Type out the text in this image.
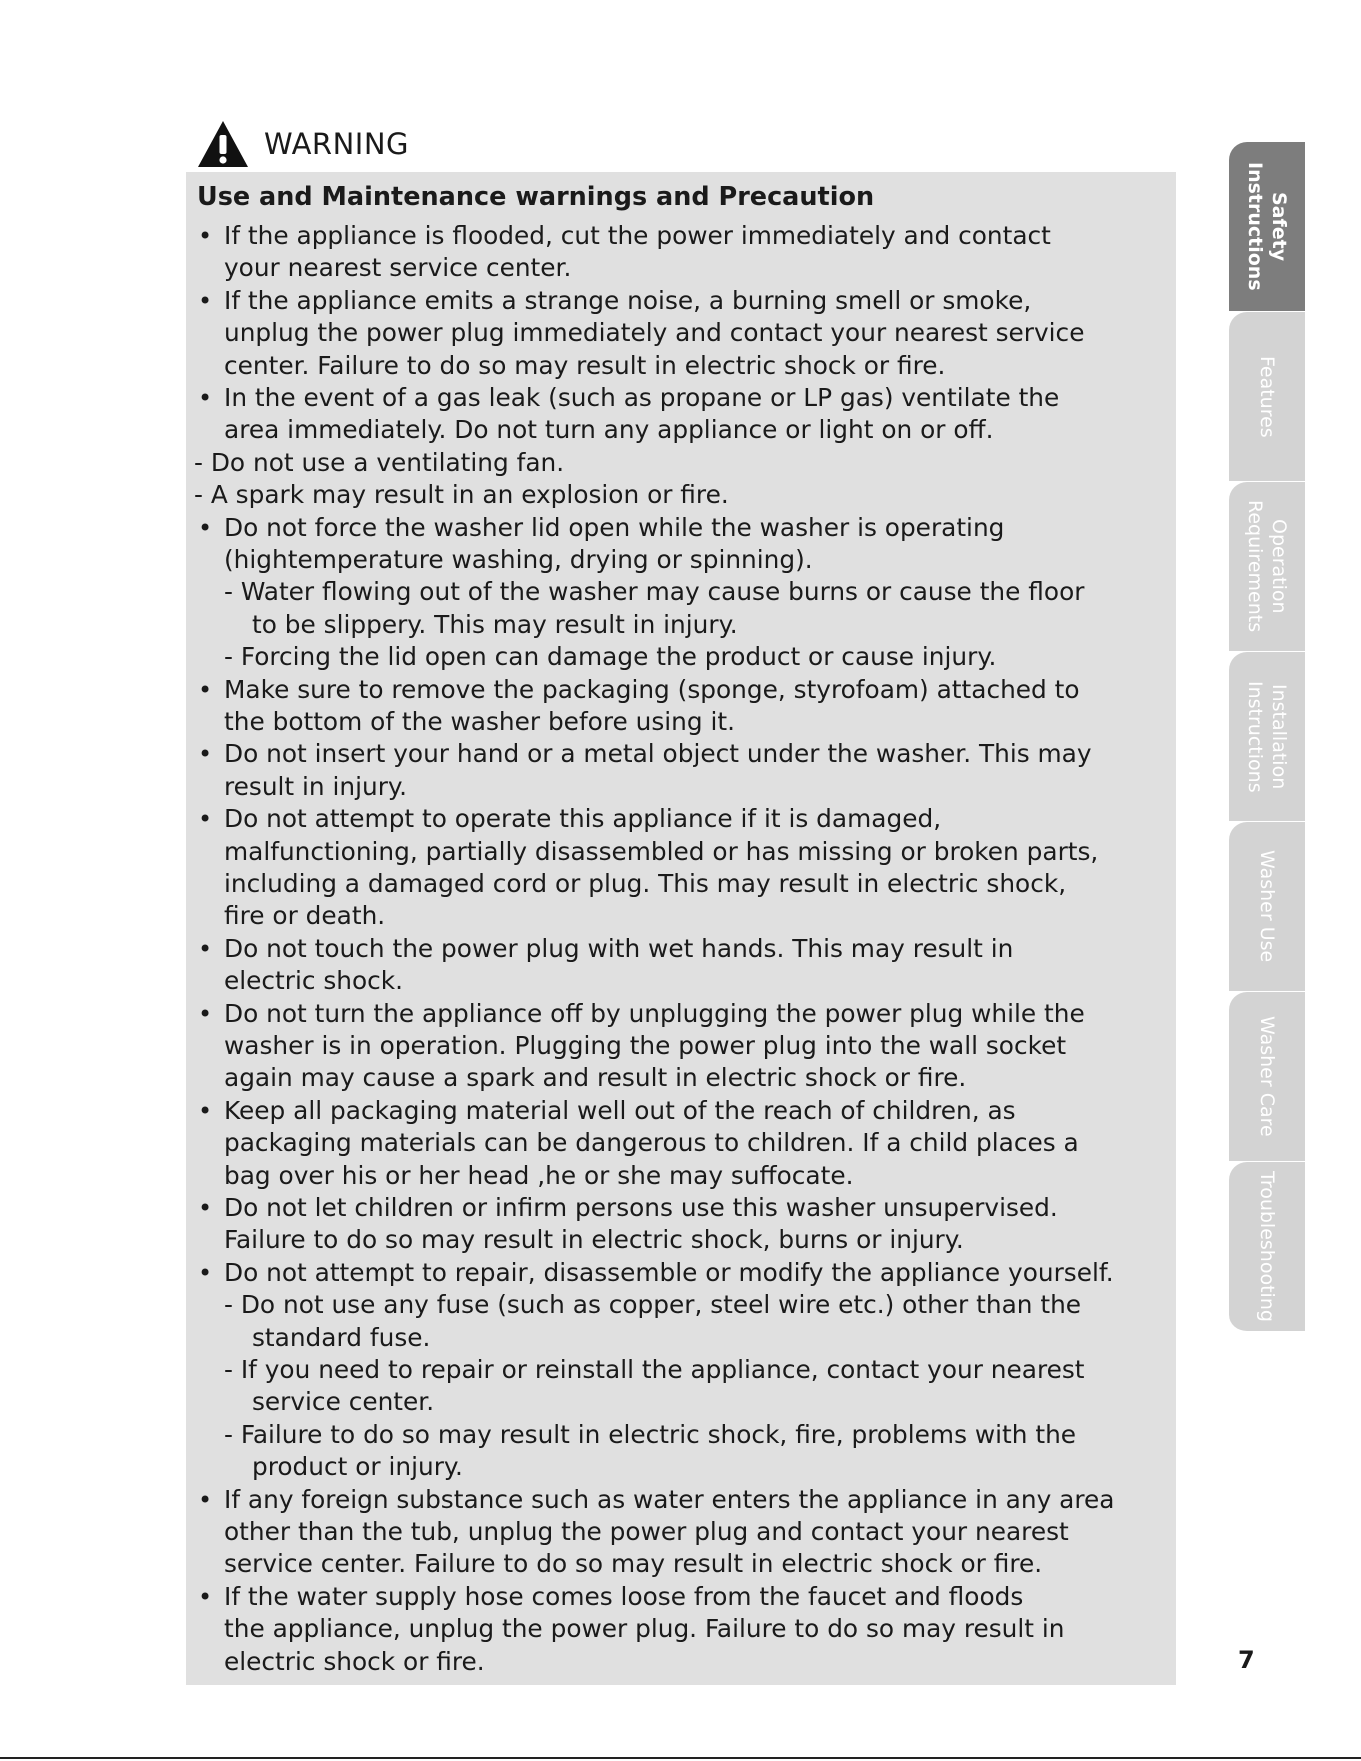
WARNING
Use and Maintenance warnings and Precaution
• If the appliance is flooded, cut the power immediately and contact
your nearest service center.
• If the appliance emits a strange noise, a burning smell or smoke,
unplug the power plug immediately and contact your nearest service
center. Failure to do so may result in electric shock or fire.
• In the event of a gas leak (such as propane or LP gas) ventilate the
area immediately. Do not turn any appliance or light on or off.
- Do not use a ventilating fan.
- A spark may result in an explosion or fire.
• Do not force the washer lid open while the washer is operating
(hightemperature washing, drying or spinning).
- Water flowing out of the washer may cause burns or cause the floor
to be slippery. This may result in injury.
- Forcing the lid open can damage the product or cause injury.
• Make sure to remove the packaging (sponge, styrofoam) attached to
the bottom of the washer before using it.
• Do not insert your hand or a metal object under the washer. This may
result in injury.
• Do not attempt to operate this appliance if it is damaged,
malfunctioning, partially disassembled or has missing or broken parts,
including a damaged cord or plug. This may result in electric shock,
fire or death.
• Do not touch the power plug with wet hands. This may result in
electric shock.
• Do not turn the appliance off by unplugging the power plug while the
washer is in operation. Plugging the power plug into the wall socket
again may cause a spark and result in electric shock or fire.
• Keep all packaging material well out of the reach of children, as
packaging materials can be dangerous to children. If a child places a
bag over his or her head ,he or she may suffocate.
• Do not let children or infirm persons use this washer unsupervised.
Failure to do so may result in electric shock, burns or injury.
• Do not attempt to repair, disassemble or modify the appliance yourself.
- Do not use any fuse (such as copper, steel wire etc.) other than the
standard fuse.
- If you need to repair or reinstall the appliance, contact your nearest
service center.
- Failure to do so may result in electric shock, fire, problems with the
product or injury.
• If any foreign substance such as water enters the appliance in any area
other than the tub, unplug the power plug and contact your nearest
service center. Failure to do so may result in electric shock or fire.
• If the water supply hose comes loose from the faucet and floods
the appliance, unplug the power plug. Failure to do so may result in
electric shock or fire.
Safety
Instructions
Features
Operation
Requirements
Installation
Instructions
Washer Use
Washer Care
Troubleshooting
7
